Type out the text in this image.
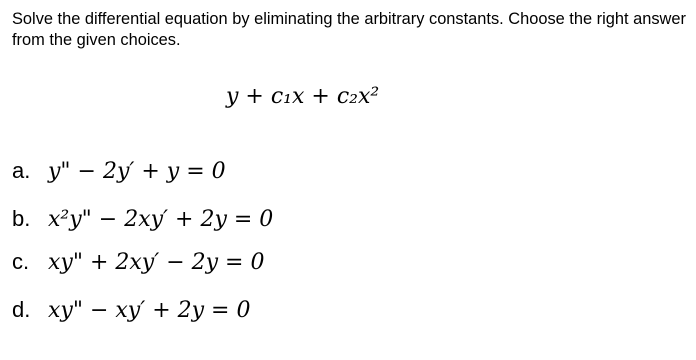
Solve the differential equation by eliminating the arbitrary constants. Choose the right answer from the given choices.

y + c₁x + c₂x²
a. y" − 2y′ + y = 0
b. x²y" − 2xy′ + 2y = 0
c. xy" + 2xy′ − 2y = 0
d. xy" − xy′ + 2y = 0
